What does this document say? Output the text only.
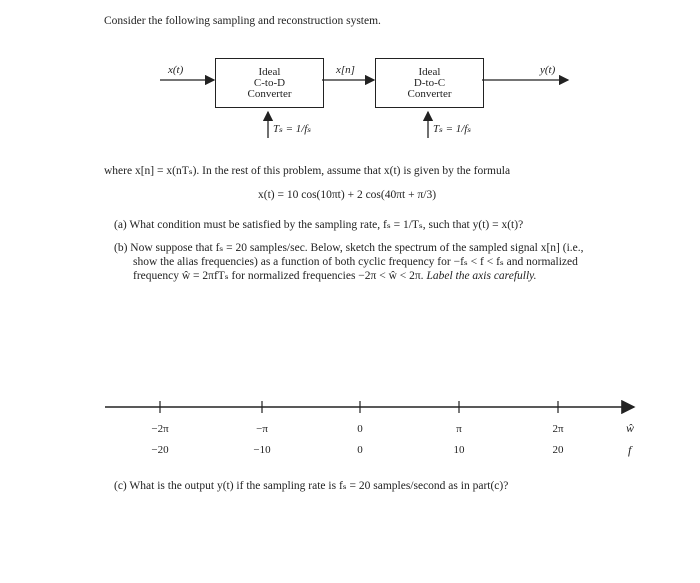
Consider the following sampling and reconstruction system.
x(t)	x[n]	y(t)
Ideal
C-to-D
Converter
Ideal
D-to-C
Converter
Tₛ = 1/fₛ	Tₛ = 1/fₛ
where x[n] = x(nTₛ). In the rest of this problem, assume that x(t) is given by the formula
x(t) = 10 cos(10πt) + 2 cos(40πt + π/3)
(a) What condition must be satisfied by the sampling rate, fₛ = 1/Tₛ, such that y(t) = x(t)?
(b) Now suppose that fₛ = 20 samples/sec. Below, sketch the spectrum of the sampled signal x[n] (i.e.,
show the alias frequencies) as a function of both cyclic frequency for −fₛ < f < fₛ and normalized
frequency ŵ = 2πfTₛ for normalized frequencies −2π < ŵ < 2π. Label the axis carefully.
−2π	−π	0	π	2π	ŵ
−20	−10	0	10	20	f
(c) What is the output y(t) if the sampling rate is fₛ = 20 samples/second as in part(c)?
